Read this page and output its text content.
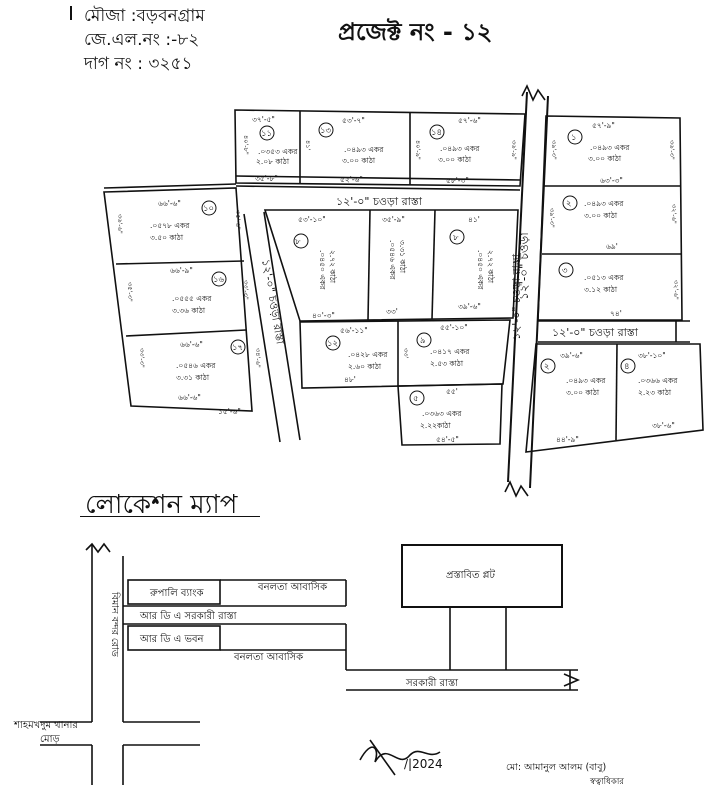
মৌজা :বড়বনগ্রাম
জে.এল.নং :-৮২
দাগ নং : ৩২৫১
প্রজেক্ট নং - ১২
১২'-০" চওড়া
১১
৩৭'-৫"
.০৩৫৩ একর
২.০৮ কাঠা
৩৫'-৮"
৪০'-৮"
১৩
৫৩'-৭"
.০৪৯৩ একর
৩.০০ কাঠা
৫২'-৬"
৪১'
১৪
৫৭'-৬"
.০৪৯৩ একর
৩.০০ কাঠা
৫৮'-৩"
৪০'-৯"	৩৬'-৯"
১
৫৭'-৯"
.০৪৯৩ একর
৩.০০ কাঠা
৬৩'-৩"
৩৯'-৩"	৩৬'-৩"
২ .০৪৯৩ একর
৩.০০ কাঠা
৬৯'
৩৯'-৩"	৩২'-৬"
৩
.০৫১৩ একর
৩.১২ কাঠা
৭৪'
৩২'-৬"
১২'-০" চওড়া রাস্তা
২
৩৯'-৬"
.০৪৯৩ একর
৩.০০ কাঠা
৪
৩৮'-১০"
.০৩৬৬ একর
২.২৩ কাঠা
৩৮'-৬"
৪৪'-৯"
১২'-০" চওড়া রাস্তা
৮
৫৩'-১০"
.০৪৫০ একর ২.৭২ কাঠা
৪০'-৩"
৩৫'-৯"
.০৫৪৬ একর ৩.৩১ কাঠা
৩৩'
৮
৪১'
.০৪৫০ একর ২.৭২ কাঠা
৩৯'-৬"
১০
৬৬'-৬"
.০৫৭৮ একর
৩.৫০ কাঠা
৩৬'-৬"	৩৫'-৬"
১৬
৬৬'-৯"
.০৫৫৫ একর
৩.৩৬ কাঠা
৩৫'-৩"	৩৩'-৩"
১৭
৬৬'-৬"
.০৫৪৬ একর
৩.৩১ কাঠা
৬৬'-৬"
৩৩'-৩"	৩৪'-৬"
১৫'-৬"
১২'-০" চওড়া রাস্তা	১২'-০" চওড়া রাস্তা
১২
৫৬'-১১"
.০৪২৮ একর
২.৬০ কাঠা
৪৮'
৯
৫৫'-১০"
.০৪১৭ একর
২.৫৩ কাঠা
৩৩'
৫
৫৫'
.০৩৬৩ একর
২.২২কাঠা
৫৪'-৫"
বিমান বন্দর রোড	রুপালি ব্যাংক
আর ডি এ সরকারী রাস্তা
আর ডি এ ভবন
বনলতা আবাসিক
বনলতা আবাসিক
সরকারী রাস্তা
প্রস্তাবিত প্লট
শাহমখদুম থানার
মোড়
/|2024	মো: আমানুল আলম (বাবু)
স্বত্বাধিকার
লোকেশন ম্যাপ
